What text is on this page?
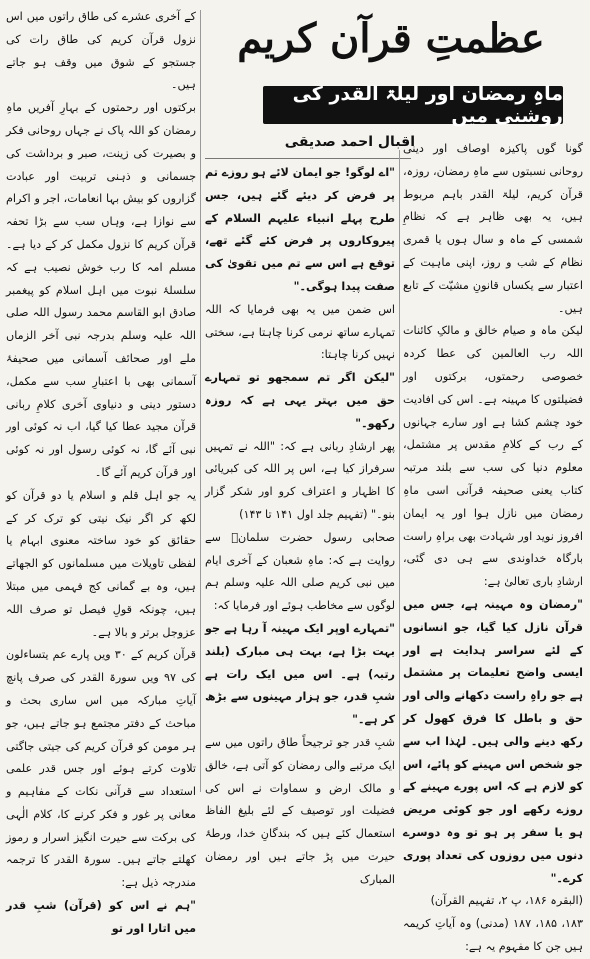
عظمتِ قرآن کریم
ماہِ رمضان اور لیلۃ القدر کی روشنی میں
اقبال احمد صدیقی

گونا گوں پاکیزہ اوصاف اور دینی روحانی نسبتوں سے ماہِ رمضان، روزہ، قرآن کریم، لیلۃ القدر باہم مربوط ہیں، یہ بھی ظاہر ہے کہ نظامِ شمسی کے ماہ و سال ہوں یا قمری نظام کے شب و روز، اپنی ماہیت کے اعتبار سے یکساں قانونِ مشیّت کے تابع ہیں۔

لیکن ماہ و صیام خالق و مالکِ کائنات اللہ رب العالمین کی عطا کردہ خصوصی رحمتوں، برکتوں اور فضیلتوں کا مہینہ ہے۔ اس کی افادیت خود چشم کشا ہے اور سارے جہانوں کے رب کے کلامِ مقدس پر مشتمل، معلوم دنیا کی سب سے بلند مرتبہ کتاب یعنی صحیفہ قرآنی اسی ماہِ رمضان میں نازل ہوا اور یہ ایمان افروز نوید اور شہادت بھی براہِ راست بارگاہ خداوندی سے ہی دی گئی، ارشادِ باری تعالیٰ ہے:

"رمضان وہ مہینہ ہے، جس میں قرآن نازل کیا گیا، جو انسانوں کے لئے سراسر ہدایت ہے اور ایسی واضح تعلیمات پر مشتمل ہے جو راہِ راست دکھانے والی اور حق و باطل کا فرق کھول کر رکھ دینے والی ہیں۔ لہٰذا اب سے جو شخص اس مہینے کو پائے، اس کو لازم ہے کہ اس پورے مہینے کے روزے رکھے اور جو کوئی مریض ہو یا سفر پر ہو تو وہ دوسرے دنوں میں روزوں کی تعداد پوری کرے۔"

(البقرہ ۱۸۶، پ ۲، تفہیم القرآن)

۱۸۳، ۱۸۵، ۱۸۷ (مدنی) وہ آیاتِ کریمہ ہیں جن کا مفہوم یہ ہے:

"اے لوگو! جو ایمان لائے ہو روزے تم پر فرض کر دیئے گئے ہیں، جس طرح پہلے انبیاء علیہم السلام کے پیروکاروں پر فرض کئے گئے تھے، توقع ہے اس سے تم میں تقویٰ کی صفت پیدا ہوگی۔"

اس ضمن میں یہ بھی فرمایا کہ اللہ تمہارے ساتھ نرمی کرنا چاہتا ہے، سختی نہیں کرنا چاہتا:

"لیکن اگر تم سمجھو تو تمہارے حق میں بہتر یہی ہے کہ روزہ رکھو۔"

پھر ارشادِ ربانی ہے کہ: "اللہ نے تمہیں سرفراز کیا ہے، اس پر اللہ کی کبریائی کا اظہار و اعتراف کرو اور شکر گزار بنو۔" (تفہیم جلد اول ۱۴۱ تا ۱۴۳)

صحابی رسول حضرت سلمانؓ سے روایت ہے کہ: ماہِ شعبان کے آخری ایام میں نبی کریم صلی اللہ علیہ وسلم ہم لوگوں سے مخاطب ہوئے اور فرمایا کہ:

"تمہارے اوپر ایک مہینہ آ رہا ہے جو بہت بڑا ہے، بہت ہی مبارک (بلند رتبہ) ہے۔ اس میں ایک رات ہے شبِ قدر، جو ہزار مہینوں سے بڑھ کر ہے۔"

شبِ قدر جو ترجیحاً طاق راتوں میں سے ایک مرتبے والی رمضان کو آتی ہے، خالق و مالک ارض و سماوات نے اس کی فضیلت اور توصیف کے لئے بلیغ الفاظ استعمال کئے ہیں کہ بندگانِ خدا، ورطۂ حیرت میں پڑ جاتے ہیں اور رمضان المبارک

کے آخری عشرے کی طاق راتوں میں اس نزول قرآن کریم کی طاق رات کی جستجو کے شوق میں وقف ہو جاتے ہیں۔

برکتوں اور رحمتوں کے بہارِ آفریں ماہِ رمضان کو اللہ پاک نے جہاں روحانی فکر و بصیرت کی زینت، صبر و برداشت کی جسمانی و ذہنی تربیت اور عبادت گزاروں کو بیش بہا انعامات، اجر و اکرام سے نوازا ہے، وہاں سب سے بڑا تحفہ قرآن کریم کا نزول مکمل کر کے دیا ہے۔ مسلم امہ کا رب خوش نصیب ہے کہ سلسلۂ نبوت میں اہل اسلام کو پیغمبر صادق ابو القاسم محمد رسول اللہ صلی اللہ علیہ وسلم بدرجہ نبی آخر الزماں ملے اور صحائف آسمانی میں صحیفۂ آسمانی بھی با اعتبارِ سب سے مکمل، دستور دینی و دنیاوی آخری کلامِ ربانی قرآن مجید عطا کیا گیا، اب نہ کوئی اور نبی آئے گا، نہ کوئی رسول اور نہ کوئی اور قرآن کریم آئے گا۔

یہ جو اہل قلم و اسلام یا دو قرآن کو لکھ کر اگر نیک نیتی کو ترک کر کے حقائق کو خود ساختہ معنوی ابہام یا لفظی تاویلات میں مسلمانوں کو الجھاتے ہیں، وہ بے گمانی کج فہمی میں مبتلا ہیں، چونکہ قولِ فیصل تو صرف اللہ عزوجل برتر و بالا ہے۔

قرآن کریم کے ۳۰ ویں پارے عم یتساءلون کی ۹۷ ویں سورۃ القدر کی صرف پانچ آیاتِ مبارکہ میں اس ساری بحث و مباحث کے دفتر مجتمع ہو جاتے ہیں، جو ہر مومن کو قرآن کریم کی جیتی جاگتی تلاوت کرتے ہوئے اور جس قدر علمی استعداد سے قرآنی نکات کے مفاہیم و معانی پر غور و فکر کرنے کا، کلام الٰہی کی برکت سے حیرت انگیز اسرار و رموز کھلتے جاتے ہیں۔ سورۃ القدر کا ترجمہ مندرجہ ذیل ہے:

"ہم نے اس کو (قرآن) شبِ قدر میں اتارا اور تو
